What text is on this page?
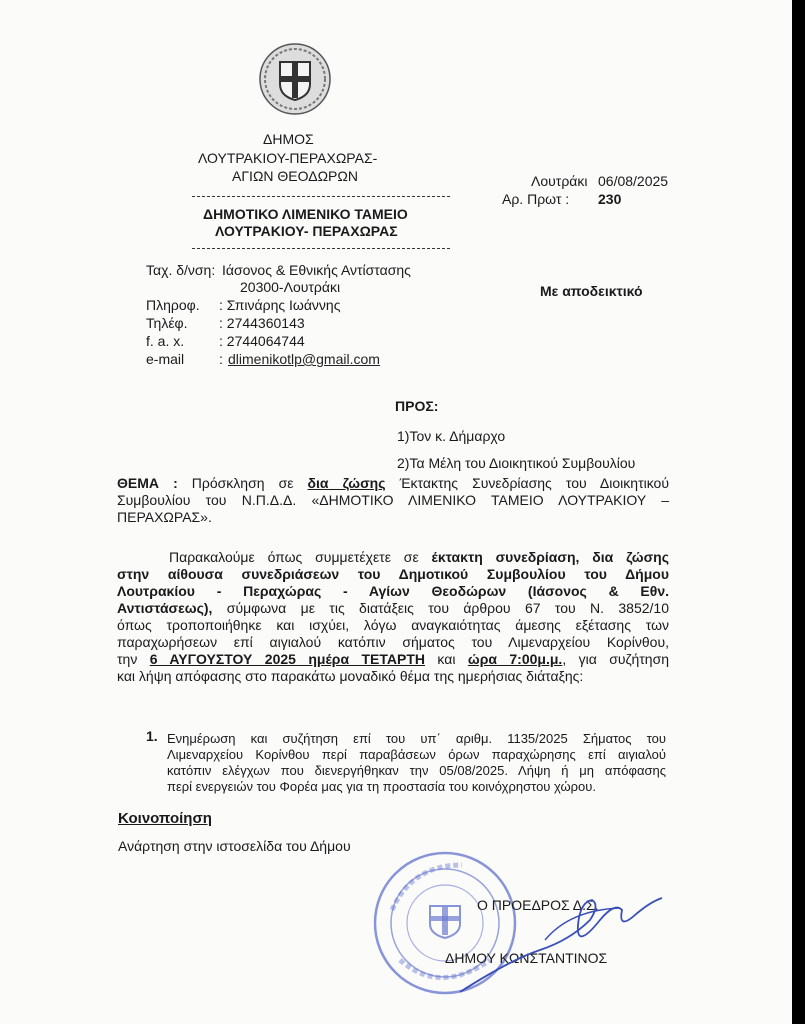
ΔΗΜΟΣ
ΛΟΥΤΡΑΚΙΟΥ-ΠΕΡΑΧΩΡΑΣ-
ΑΓΙΩΝ ΘΕΟΔΩΡΩΝ
ΔΗΜΟΤΙΚΟ ΛΙΜΕΝΙΚΟ ΤΑΜΕΙΟ
ΛΟΥΤΡΑΚΙΟΥ- ΠΕΡΑΧΩΡΑΣ
Λουτράκι 06/08/2025
Αρ. Πρωτ : 230
Με αποδεικτικό
Ταχ. δ/νση: Ιάσονος & Εθνικής Αντίστασης
20300-Λουτράκι
Πληροφ. : Σπινάρης Ιωάννης
Τηλέφ. : 2744360143
f. a. x. : 2744064744
e-mail : dlimenikotlp@gmail.com
ΠΡΟΣ:
1)Τον κ. Δήμαρχο
2)Τα Μέλη του Διοικητικού Συμβουλίου

ΘΕΜΑ : Πρόσκληση σε δια ζώσης Έκτακτης Συνεδρίασης του Διοικητικού

Συμβουλίου του Ν.Π.Δ.Δ. «ΔΗΜΟΤΙΚΟ ΛΙΜΕΝΙΚΟ ΤΑΜΕΙΟ ΛΟΥΤΡΑΚΙΟΥ –

ΠΕΡΑΧΩΡΑΣ».

Παρακαλούμε όπως συμμετέχετε σε έκτακτη συνεδρίαση, δια ζώσης

στην αίθουσα συνεδριάσεων του Δημοτικού Συμβουλίου του Δήμου

Λουτρακίου - Περαχώρας - Αγίων Θεοδώρων (Ιάσονος & Εθν.

Αντιστάσεως), σύμφωνα με τις διατάξεις του άρθρου 67 του Ν. 3852/10

όπως τροποποιήθηκε και ισχύει, λόγω αναγκαιότητας άμεσης εξέτασης των

παραχωρήσεων επί αιγιαλού κατόπιν σήματος του Λιμεναρχείου Κορίνθου,

την 6 ΑΥΓΟΥΣΤΟΥ 2025 ημέρα ΤΕΤΑΡΤΗ και ώρα 7:00μ.μ., για συζήτηση

και λήψη απόφασης στο παρακάτω μοναδικό θέμα της ημερήσιας διάταξης:

1. Ενημέρωση και συζήτηση επί του υπ΄ αριθμ. 1135/2025 Σήματος του

Λιμεναρχείου Κορίνθου περί παραβάσεων όρων παραχώρησης επί αιγιαλού

κατόπιν ελέγχων που διενεργήθηκαν την 05/08/2025. Λήψη ή μη απόφασης

περί ενεργειών του Φορέα μας για τη προστασία του κοινόχρηστου χώρου.

Κοινοποίηση
Ανάρτηση στην ιστοσελίδα του Δήμου
Ο ΠΡΟΕΔΡΟΣ Δ.Σ.
ΔΗΜΟΥ ΚΩΝΣΤΑΝΤΙΝΟΣ
